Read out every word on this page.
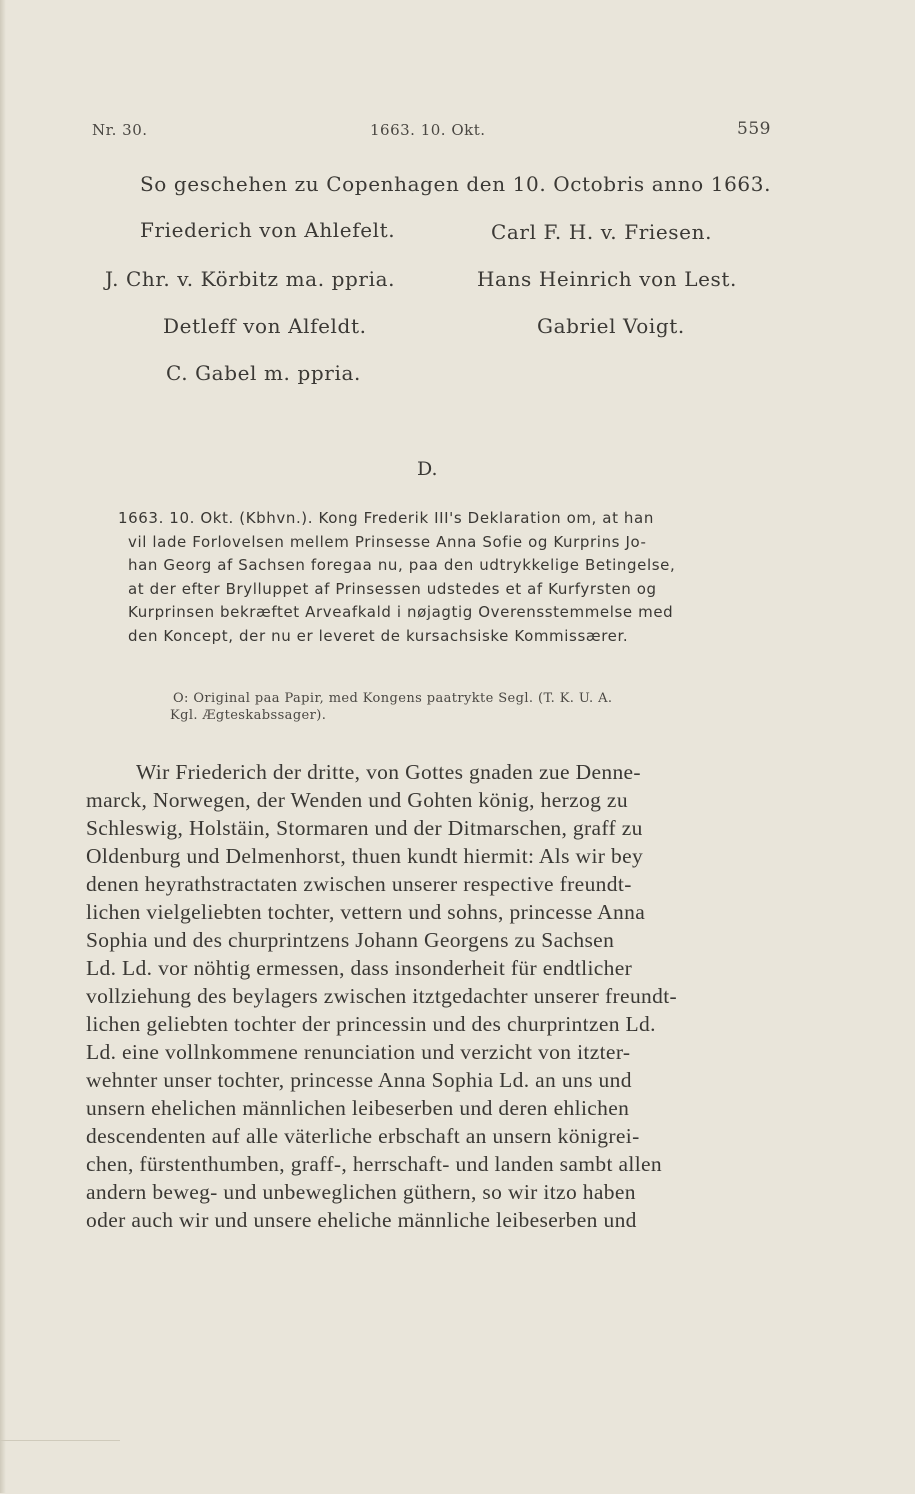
Nr. 30.	1663. 10. Okt.	559
So geschehen zu Copenhagen den 10. Octobris anno 1663.
Friederich von Ahlefelt.
J. Chr. v. Körbitz ma. ppria.
Detleff von Alfeldt.
C. Gabel m. ppria.
Carl F. H. v. Friesen.
Hans Heinrich von Lest.
Gabriel Voigt.
D.
1663. 10. Okt. (Kbhvn.). Kong Frederik III's Deklaration om, at han
vil lade Forlovelsen mellem Prinsesse Anna Sofie og Kurprins Jo-
han Georg af Sachsen foregaa nu, paa den udtrykkelige Betingelse,
at der efter Brylluppet af Prinsessen udstedes et af Kurfyrsten og
Kurprinsen bekræftet Arveafkald i nøjagtig Overensstemmelse med
den Koncept, der nu er leveret de kursachsiske Kommissærer.
O: Original paa Papir, med Kongens paatrykte Segl. (T. K. U. A.
Kgl. Ægteskabssager).
Wir Friederich der dritte, von Gottes gnaden zue Denne-
marck, Norwegen, der Wenden und Gohten könig, herzog zu
Schleswig, Holstäin, Stormaren und der Ditmarschen, graff zu
Oldenburg und Delmenhorst, thuen kundt hiermit: Als wir bey
denen heyrathstractaten zwischen unserer respective freundt-
lichen vielgeliebten tochter, vettern und sohns, princesse Anna
Sophia und des churprintzens Johann Georgens zu Sachsen
Ld. Ld. vor nöhtig ermessen, dass insonderheit für endtlicher
vollziehung des beylagers zwischen itztgedachter unserer freundt-
lichen geliebten tochter der princessin und des churprintzen Ld.
Ld. eine vollnkommene renunciation und verzicht von itzter-
wehnter unser tochter, princesse Anna Sophia Ld. an uns und
unsern ehelichen männlichen leibeserben und deren ehlichen
descendenten auf alle väterliche erbschaft an unsern königrei-
chen, fürstenthumben, graff-, herrschaft- und landen sambt allen
andern beweg- und unbeweglichen güthern, so wir itzo haben
oder auch wir und unsere eheliche männliche leibeserben und
